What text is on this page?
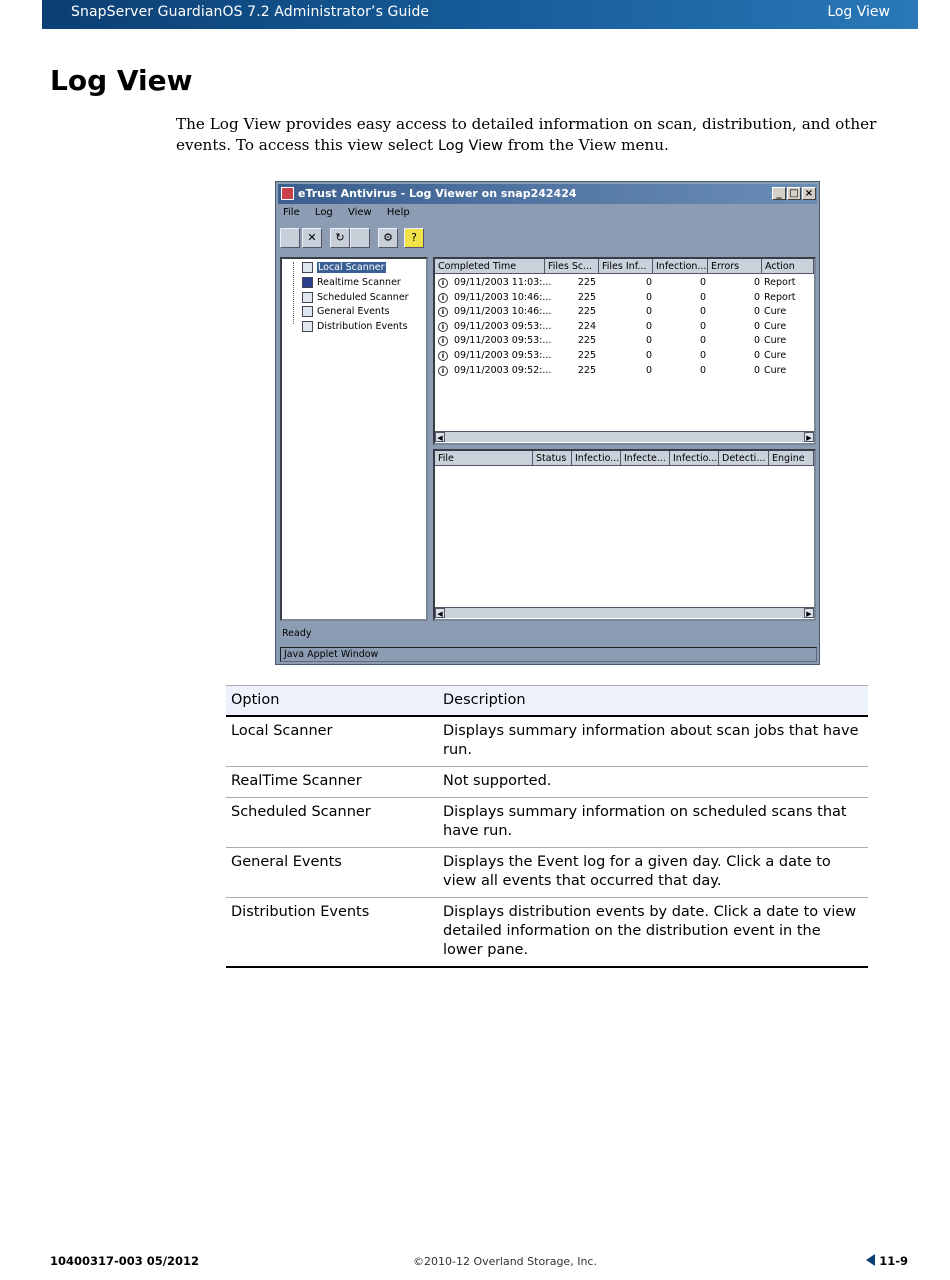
SnapServer GuardianOS 7.2 Administrator’s Guide	Log View
Log View
The Log View provides easy access to detailed information on scan, distribution, and other events. To access this view select Log View from the View menu.
eTrust Antivirus - Log Viewer on snap242424	_ □ ×
File Log View Help
✕	↻	⚙	?
Local Scanner
Realtime Scanner
Scheduled Scanner
General Events
Distribution Events
Completed Time	Files Sc...	Files Inf...	Infection... Errors	Action
i	09/11/2003 11:03:...	225	0	0	0 Report
i	09/11/2003 10:46:...	225	0	0	0 Report
i	09/11/2003 10:46:...	225	0	0	0 Cure
i	09/11/2003 09:53:...	224	0	0	0 Cure
i	09/11/2003 09:53:...	225	0	0	0 Cure
i	09/11/2003 09:53:...	225	0	0	0 Cure
i	09/11/2003 09:52:...	225	0	0	0 Cure
◀	▶
File	Status Infectio... Infecte... Infectio... Detecti... Engine
◀	▶
Ready
Java Applet Window
Option	Description
Local Scanner	Displays summary information about scan jobs that have run.
RealTime Scanner	Not supported.
Scheduled Scanner	Displays summary information on scheduled scans that have run.
General Events	Displays the Event log for a given day. Click a date to view all events that occurred that day.
Distribution Events	Displays distribution events by date. Click a date to view detailed information on the distribution event in the lower pane.
10400317-003 05/2012	©2010-12 Overland Storage, Inc.	11-9
